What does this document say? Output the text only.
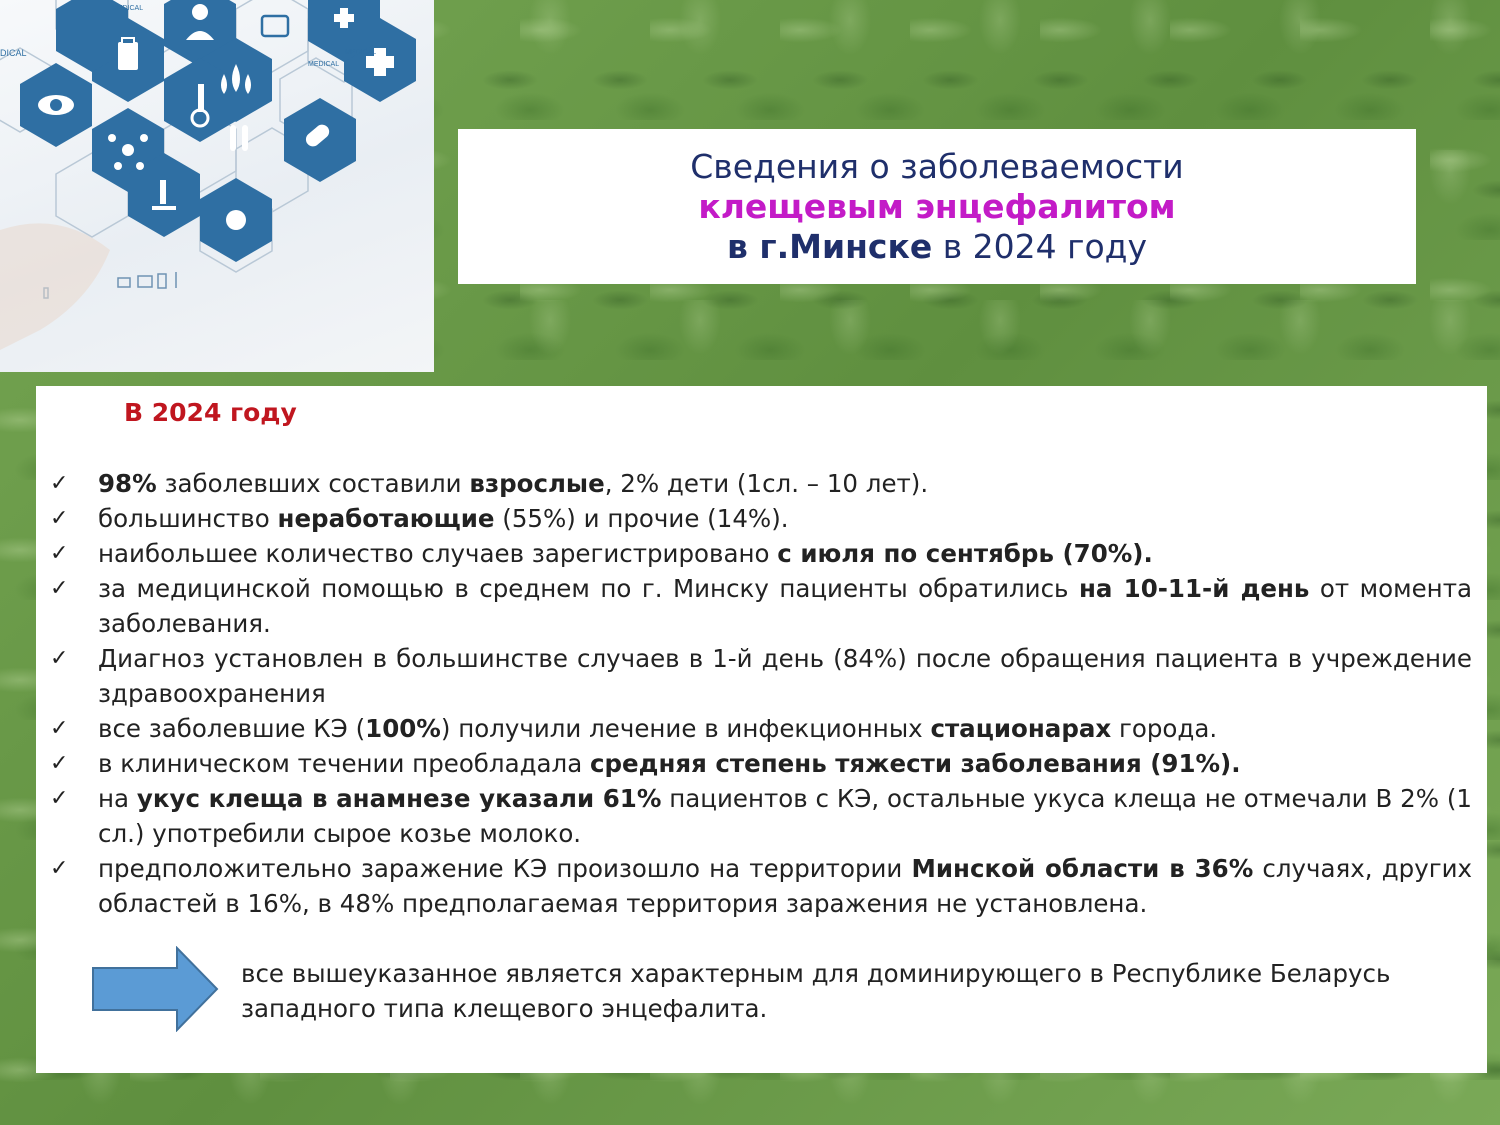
MEDICAL
MEDICAL
MEDICAL
DICAL
Сведения о заболеваемости
клещевым энцефалитом
в г.Минске в 2024 году
В 2024 году
✓	98% заболевших составили взрослые, 2% дети (1сл. – 10 лет).
✓	большинство неработающие (55%) и прочие (14%).
✓	наибольшее количество случаев зарегистрировано с июля по сентябрь (70%).
✓	за медицинской помощью в среднем по г. Минску пациенты обратились на 10-11-й день от момента заболевания.
✓	Диагноз установлен в большинстве случаев в 1-й день (84%) после обращения пациента в учреждение здравоохранения
✓	все заболевшие КЭ (100%) получили лечение в инфекционных стационарах города.
✓	в клиническом течении преобладала средняя степень тяжести заболевания (91%).
✓	на укус клеща в анамнезе указали 61% пациентов с КЭ, остальные укуса клеща не отмечали В 2% (1 сл.) употребили сырое козье молоко.
✓	предположительно заражение КЭ произошло на территории Минской области в 36% случаях, других областей в 16%, в 48% предполагаемая территория заражения не установлена.
все вышеуказанное является характерным для доминирующего в Республике Беларусь западного типа клещевого энцефалита.
